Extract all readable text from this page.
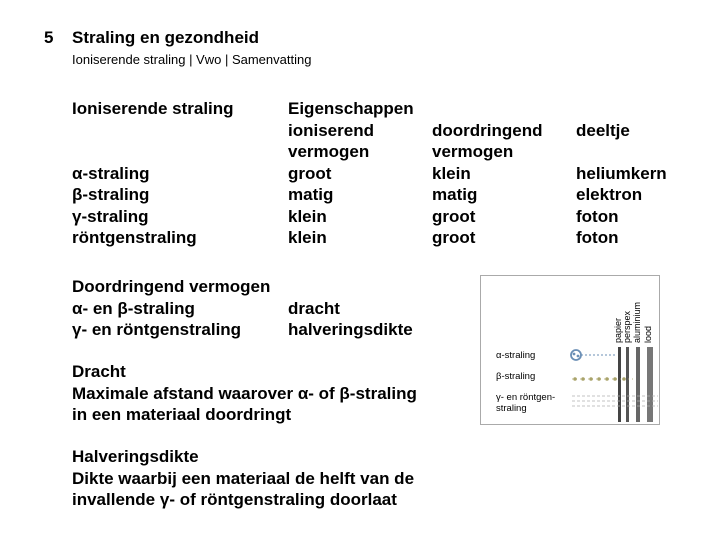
5 Straling en gezondheid
Ioniserende straling | Vwo | Samenvatting
Ioniserende straling
α-straling
β-straling
γ-straling
röntgenstraling
Eigenschappen
ioniserend
vermogen
groot
matig
klein
klein
doordringend
vermogen
klein
matig
groot
groot
deeltje
heliumkern
elektron
foton
foton
Doordringend vermogen
α- en β-straling	dracht
γ- en röntgenstraling	halveringsdikte
Dracht
Maximale afstand waarover α- of β-straling
in een materiaal doordringt
Halveringsdikte
Dikte waarbij een materiaal de helft van de
invallende γ- of röntgenstraling doorlaat
α-straling
β-straling
γ- en röntgen-
straling
papier perspex aluminium lood
